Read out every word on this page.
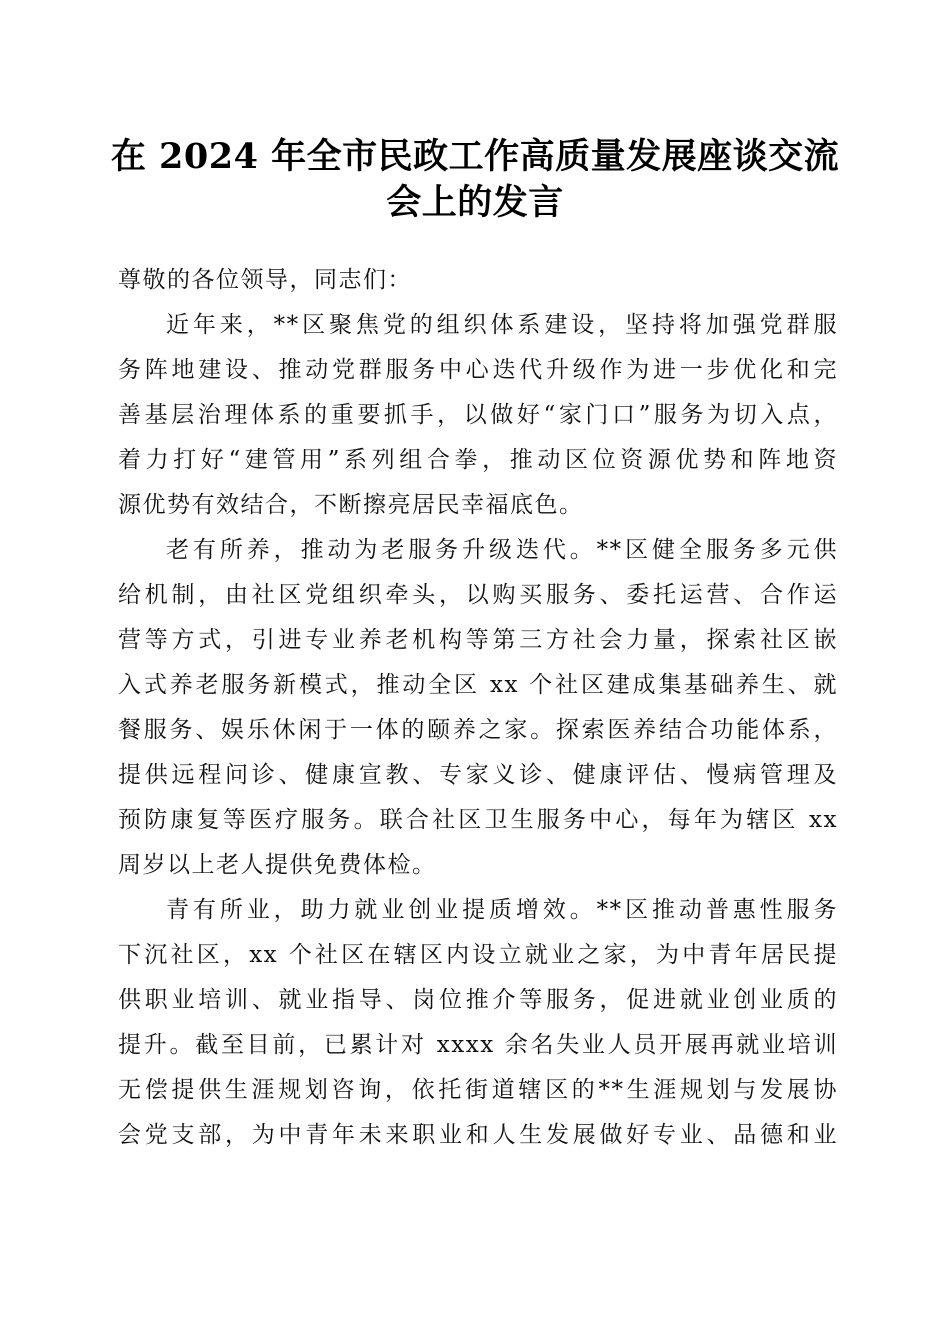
在 2024 年全市民政工作高质量发展座谈交流
会上的发言
尊敬的各位领导，同志们：
近年来，**区聚焦党的组织体系建设，坚持将加强党群服
务阵地建设、推动党群服务中心迭代升级作为进一步优化和完
善基层治理体系的重要抓手，以做好“家门口”服务为切入点，
着力打好“建管用”系列组合拳，推动区位资源优势和阵地资
源优势有效结合，不断擦亮居民幸福底色。
老有所养，推动为老服务升级迭代。**区健全服务多元供
给机制，由社区党组织牵头，以购买服务、委托运营、合作运
营等方式，引进专业养老机构等第三方社会力量，探索社区嵌
入式养老服务新模式，推动全区 xx 个社区建成集基础养生、就
餐服务、娱乐休闲于一体的颐养之家。探索医养结合功能体系，
提供远程问诊、健康宣教、专家义诊、健康评估、慢病管理及
预防康复等医疗服务。联合社区卫生服务中心，每年为辖区 xx
周岁以上老人提供免费体检。
青有所业，助力就业创业提质增效。**区推动普惠性服务
下沉社区，xx 个社区在辖区内设立就业之家，为中青年居民提
供职业培训、就业指导、岗位推介等服务，促进就业创业质的
提升。截至目前，已累计对 xxxx 余名失业人员开展再就业培训
无偿提供生涯规划咨询，依托街道辖区的**生涯规划与发展协
会党支部，为中青年未来职业和人生发展做好专业、品德和业
